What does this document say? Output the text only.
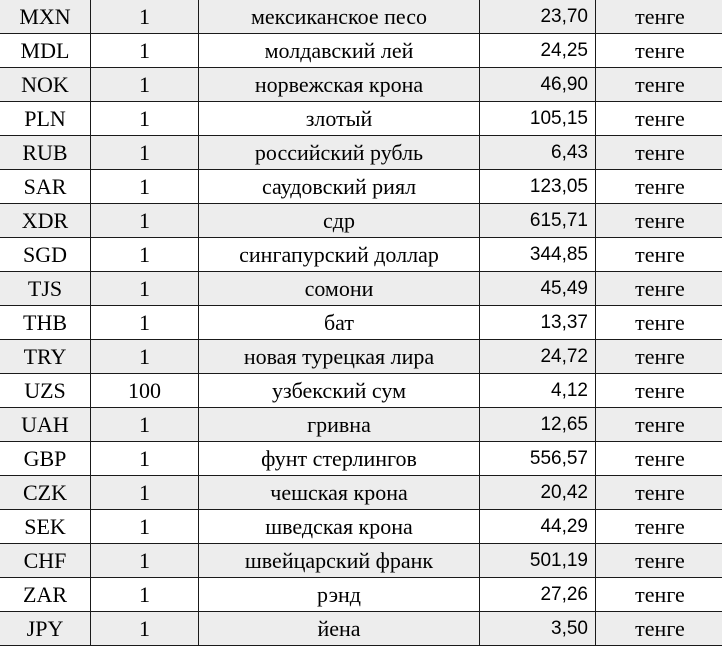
MXN	1	мексиканское песо	23,70	тенге
MDL	1	молдавский лей	24,25	тенге
NOK	1	норвежская крона	46,90	тенге
PLN	1	злотый	105,15	тенге
RUB	1	российский рубль	6,43	тенге
SAR	1	саудовский риял	123,05	тенге
XDR	1	сдр	615,71	тенге
SGD	1	сингапурский доллар	344,85	тенге
TJS	1	сомони	45,49	тенге
THB	1	бат	13,37	тенге
TRY	1	новая турецкая лира	24,72	тенге
UZS	100	узбекский сум	4,12	тенге
UAH	1	гривна	12,65	тенге
GBP	1	фунт стерлингов	556,57	тенге
CZK	1	чешская крона	20,42	тенге
SEK	1	шведская крона	44,29	тенге
CHF	1	швейцарский франк	501,19	тенге
ZAR	1	рэнд	27,26	тенге
JPY	1	йена	3,50	тенге
